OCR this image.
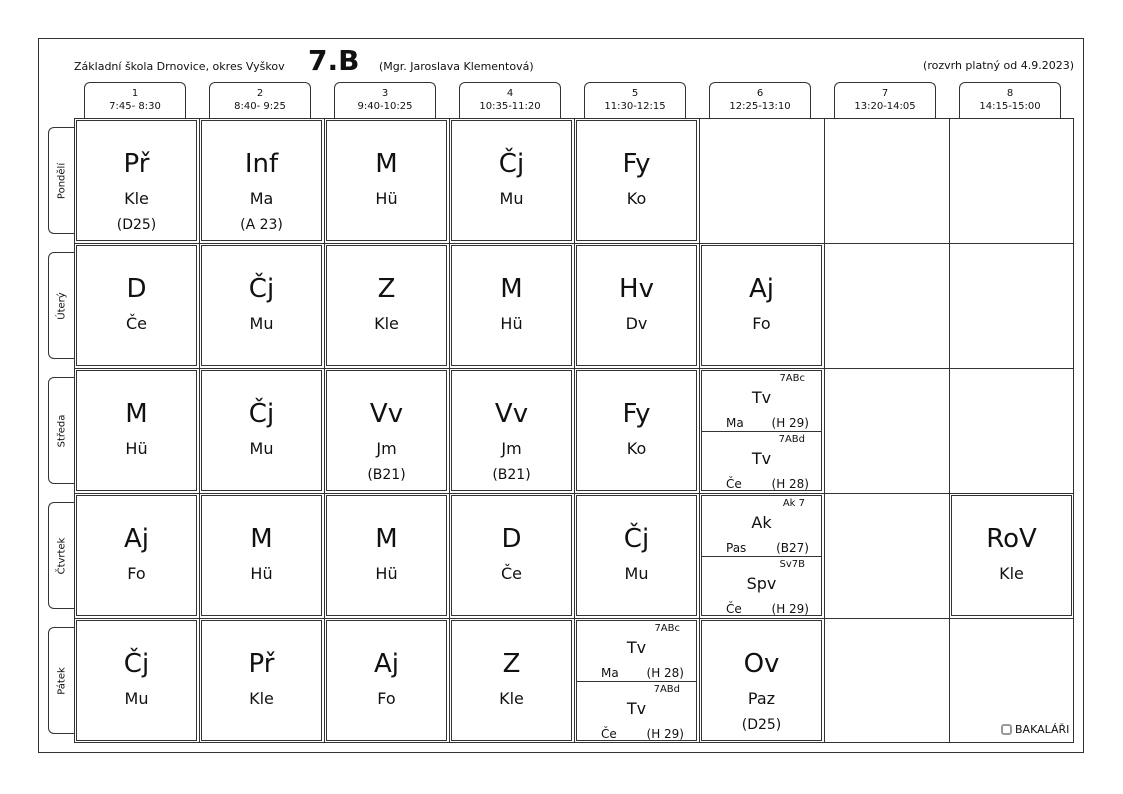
Základní škola Drnovice, okres Vyškov 7.B (Mgr. Jaroslava Klementová)	(rozvrh platný od 4.9.2023)
1
7:45- 8:30
2
8:40- 9:25
3
9:40-10:25
4
10:35-11:20
5
11:30-12:15
6
12:25-13:10
7
13:20-14:05
8
14:15-15:00
Pondělí
Úterý
Středa
Čtvrtek
Pátek
Př
Kle
(D25)
Inf
Ma
(A 23)
M
Hü
Čj
Mu
Fy
Ko
D
Če
Čj
Mu
Z
Kle
M
Hü
Hv
Dv
Aj
Fo
M
Hü
Čj
Mu
Vv
Jm
(B21)
Vv
Jm
(B21)
Fy
Ko
7ABc
Tv
Ma (H 29)
7ABd
Tv
Če (H 28)
Aj
Fo
M
Hü
M
Hü
D
Če
Čj
Mu
Ak 7
Ak
Pas (B27)
Sv7B
Spv
Če (H 29)
RoV
Kle
Čj
Mu
Př
Kle
Aj
Fo
Z
Kle
7ABc
Tv
Ma (H 28)
7ABd
Tv
Če (H 29)
Ov
Paz
(D25)	BAKALÁŘI
